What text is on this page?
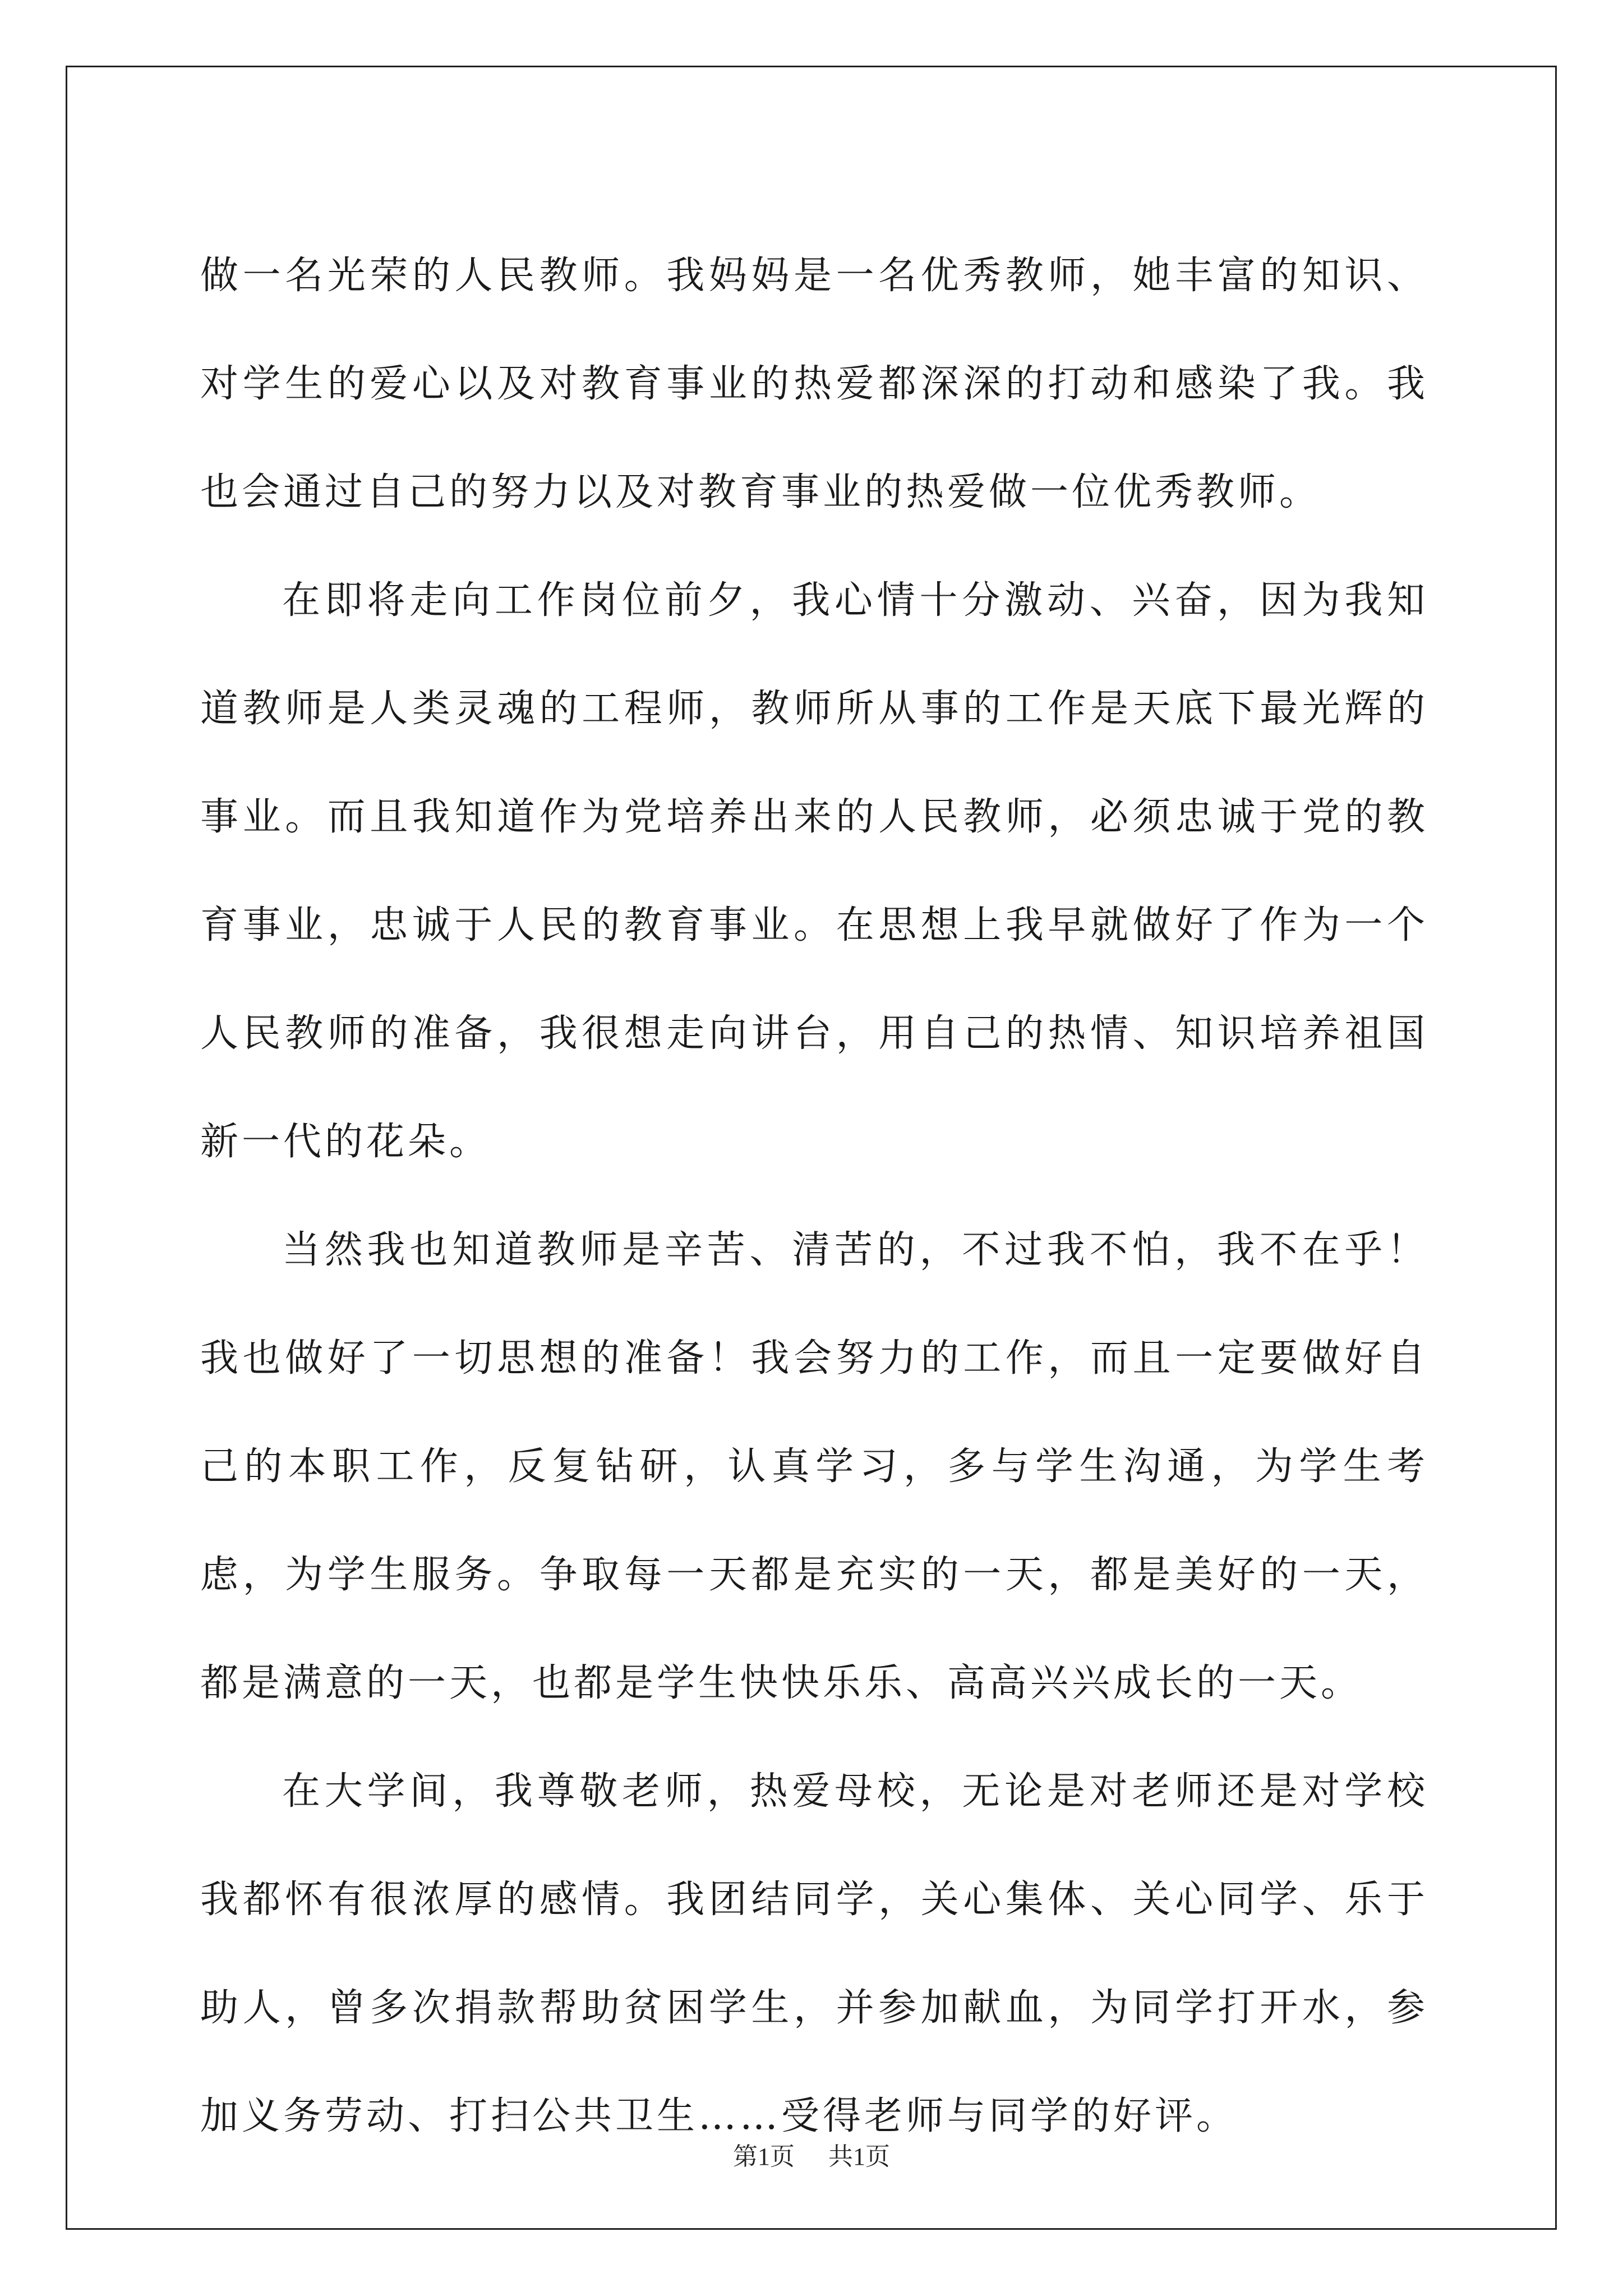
做一名光荣的人民教师。我妈妈是一名优秀教师，她丰富的知识、对学生的爱心以及对教育事业的热爱都深深的打动和感染了我。我也会通过自己的努力以及对教育事业的热爱做一位优秀教师。

在即将走向工作岗位前夕，我心情十分激动、兴奋，因为我知道教师是人类灵魂的工程师，教师所从事的工作是天底下最光辉的事业。而且我知道作为党培养出来的人民教师，必须忠诚于党的教育事业，忠诚于人民的教育事业。在思想上我早就做好了作为一个人民教师的准备，我很想走向讲台，用自己的热情、知识培养祖国新一代的花朵。

当然我也知道教师是辛苦、清苦的，不过我不怕，我不在乎！我也做好了一切思想的准备！我会努力的工作，而且一定要做好自己的本职工作，反复钻研，认真学习，多与学生沟通，为学生考虑，为学生服务。争取每一天都是充实的一天，都是美好的一天，都是满意的一天，也都是学生快快乐乐、高高兴兴成长的一天。

在大学间，我尊敬老师，热爱母校，无论是对老师还是对学校我都怀有很浓厚的感情。我团结同学，关心集体、关心同学、乐于助人，曾多次捐款帮助贫困学生，并参加献血，为同学打开水，参加义务劳动、打扫公共卫生……受得老师与同学的好评。

第1页 共1页
